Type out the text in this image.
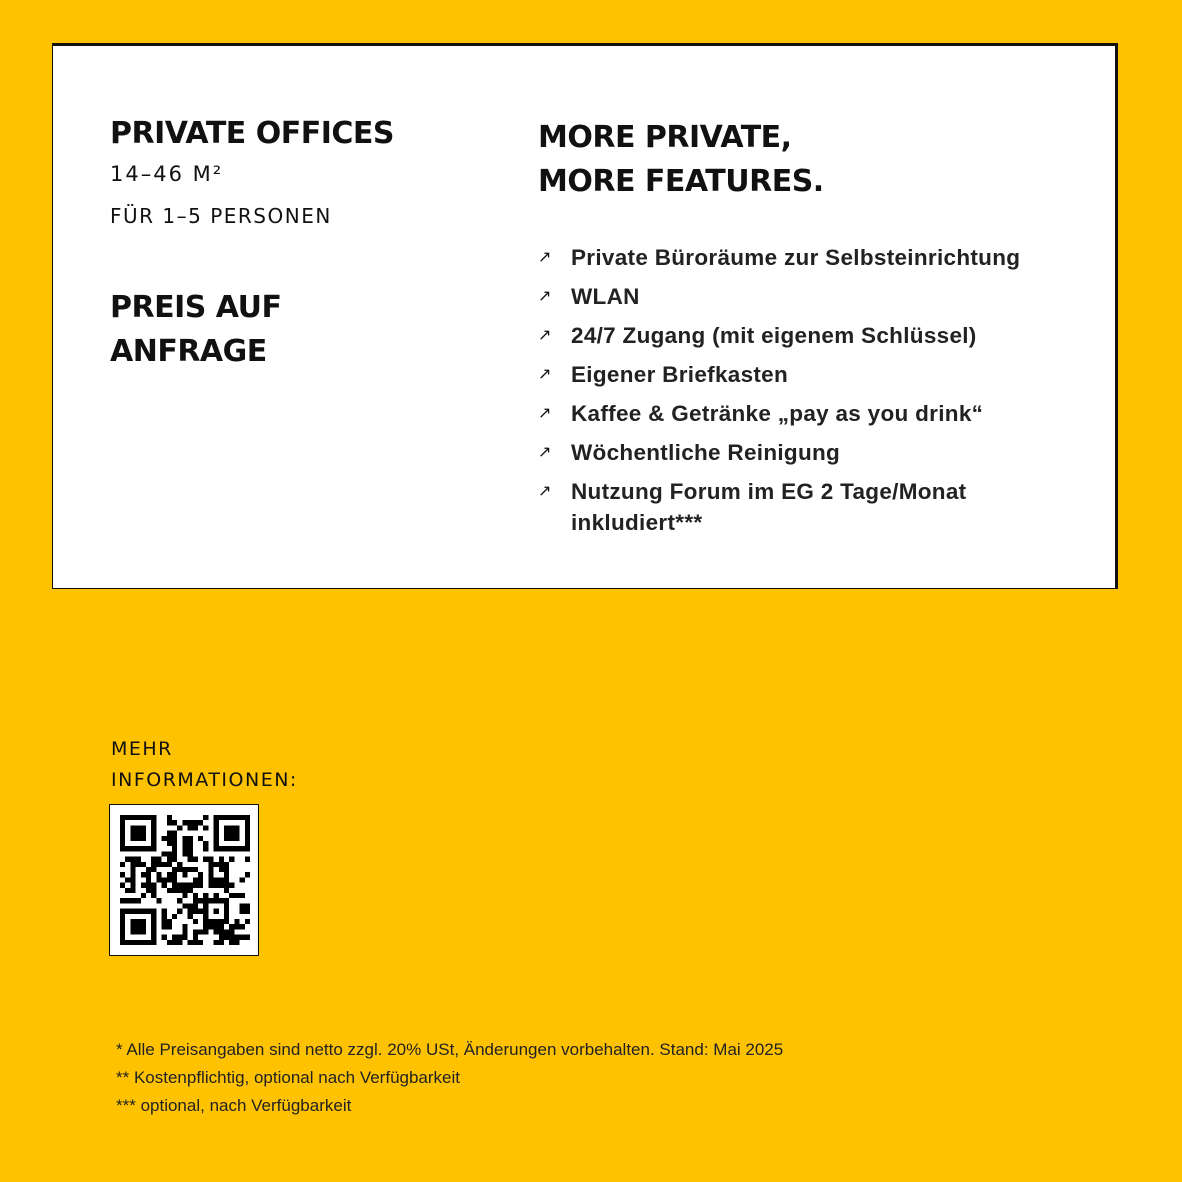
PRIVATE OFFICES
14–46 M²
FÜR 1–5 PERSONEN
PREIS AUF
ANFRAGE
MORE PRIVATE,
MORE FEATURES.
↗ Private Büroräume zur Selbsteinrichtung
↗ WLAN
↗ 24/7 Zugang (mit eigenem Schlüssel)
↗ Eigener Briefkasten
↗ Kaffee & Getränke „pay as you drink“
↗ Wöchentliche Reinigung
↗ Nutzung Forum im EG 2 Tage/Monat inkludiert***
MEHR
INFORMATIONEN:
* Alle Preisangaben sind netto zzgl. 20% USt, Änderungen vorbehalten. Stand: Mai 2025
** Kostenpflichtig, optional nach Verfügbarkeit
*** optional, nach Verfügbarkeit
